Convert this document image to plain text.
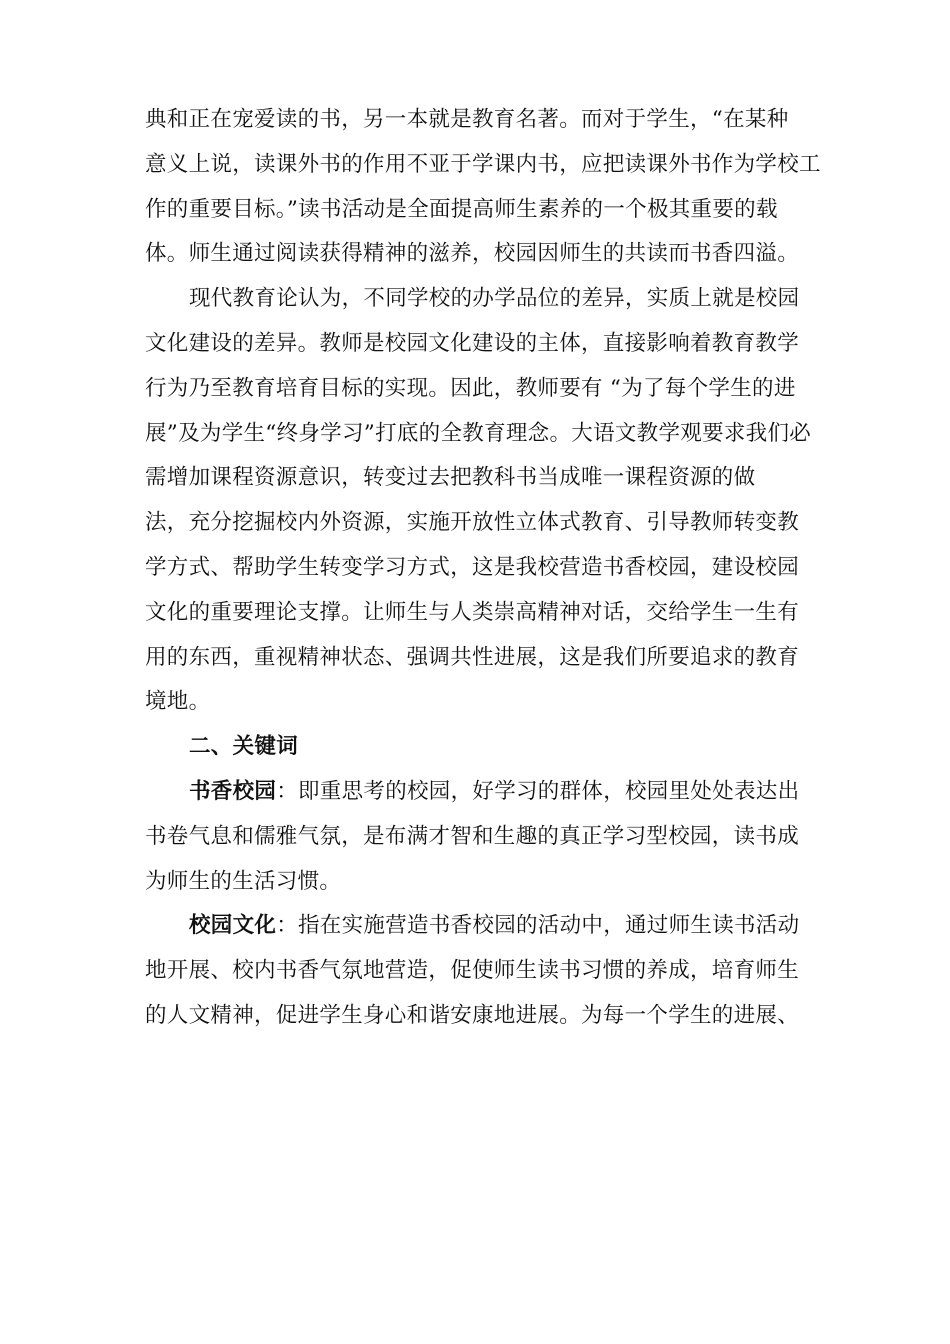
典和正在宠爱读的书，另一本就是教育名著。而对于学生，“在某种
意义上说，读课外书的作用不亚于学课内书，应把读课外书作为学校工
作的重要目标。”读书活动是全面提高师生素养的一个极其重要的载
体。师生通过阅读获得精神的滋养，校园因师生的共读而书香四溢。
现代教育论认为，不同学校的办学品位的差异，实质上就是校园
文化建设的差异。教师是校园文化建设的主体，直接影响着教育教学
行为乃至教育培育目标的实现。因此，教师要有 “为了每个学生的进
展”及为学生“终身学习”打底的全教育理念。大语文教学观要求我们必
需增加课程资源意识，转变过去把教科书当成唯一课程资源的做
法，充分挖掘校内外资源，实施开放性立体式教育、引导教师转变教
学方式、帮助学生转变学习方式，这是我校营造书香校园，建设校园
文化的重要理论支撑。让师生与人类崇高精神对话，交给学生一生有
用的东西，重视精神状态、强调共性进展，这是我们所要追求的教育
境地。
二、关键词
书香校园：即重思考的校园，好学习的群体，校园里处处表达出
书卷气息和儒雅气氛，是布满才智和生趣的真正学习型校园，读书成
为师生的生活习惯。
校园文化：指在实施营造书香校园的活动中，通过师生读书活动
地开展、校内书香气氛地营造，促使师生读书习惯的养成，培育师生
的人文精神，促进学生身心和谐安康地进展。为每一个学生的进展、
